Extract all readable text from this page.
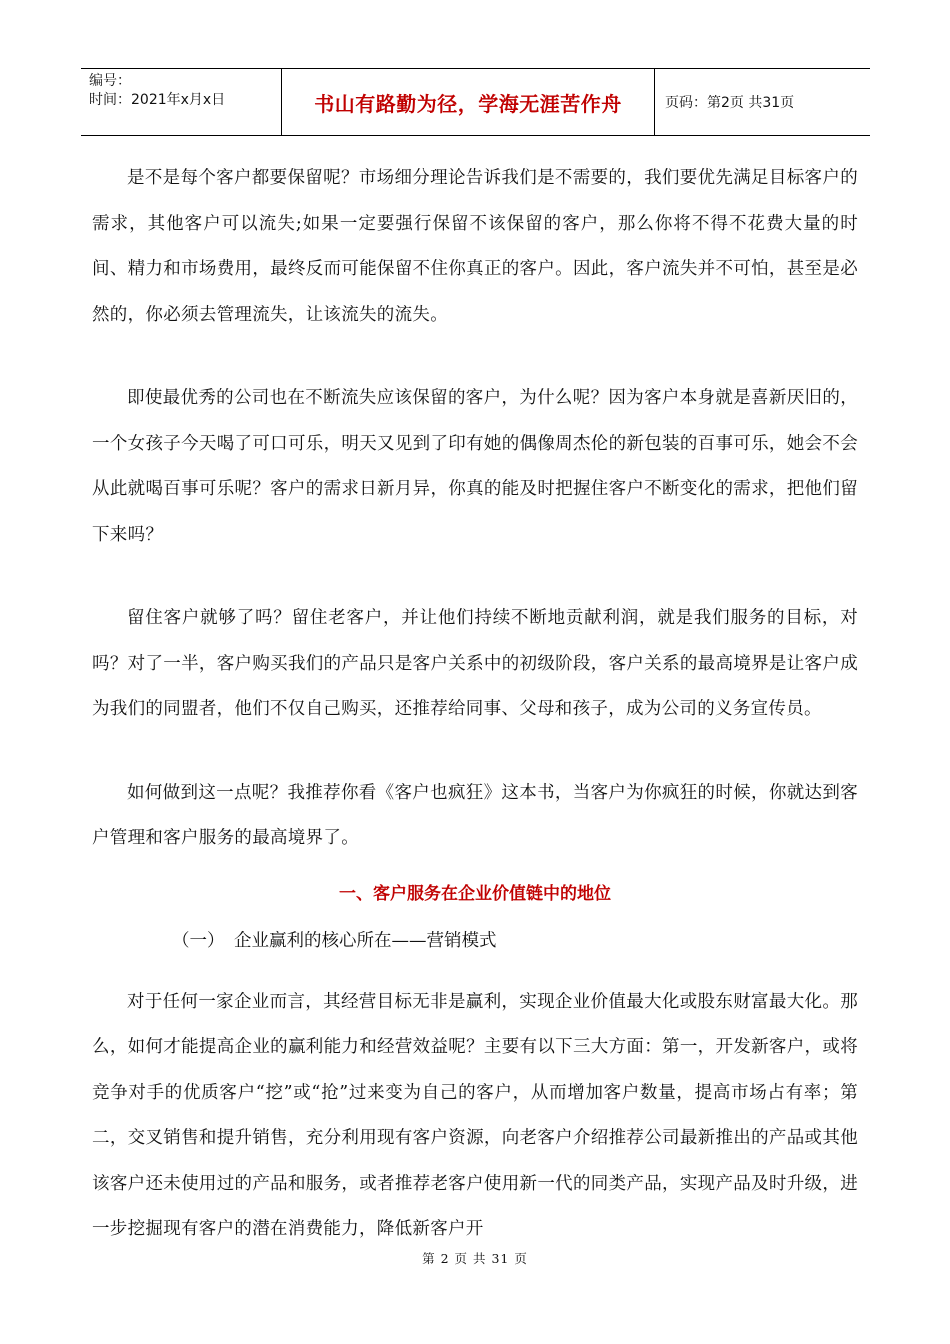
编号：
时间：2021年x月x日	书山有路勤为径，学海无涯苦作舟	页码：第2页 共31页

是不是每个客户都要保留呢？市场细分理论告诉我们是不需要的，我们要优先满足目标客户的需求，其他客户可以流失;如果一定要强行保留不该保留的客户，那么你将不得不花费大量的时间、精力和市场费用，最终反而可能保留不住你真正的客户。因此，客户流失并不可怕，甚至是必然的，你必须去管理流失，让该流失的流失。

即使最优秀的公司也在不断流失应该保留的客户，为什么呢？因为客户本身就是喜新厌旧的，一个女孩子今天喝了可口可乐，明天又见到了印有她的偶像周杰伦的新包装的百事可乐，她会不会从此就喝百事可乐呢？客户的需求日新月异，你真的能及时把握住客户不断变化的需求，把他们留下来吗？

留住客户就够了吗？留住老客户，并让他们持续不断地贡献利润，就是我们服务的目标，对吗？对了一半，客户购买我们的产品只是客户关系中的初级阶段，客户关系的最高境界是让客户成为我们的同盟者，他们不仅自己购买，还推荐给同事、父母和孩子，成为公司的义务宣传员。

如何做到这一点呢？我推荐你看《客户也疯狂》这本书，当客户为你疯狂的时候，你就达到客户管理和客户服务的最高境界了。

一、客户服务在企业价值链中的地位
（一） 企业赢利的核心所在——营销模式

对于任何一家企业而言，其经营目标无非是赢利，实现企业价值最大化或股东财富最大化。那么，如何才能提高企业的赢利能力和经营效益呢？主要有以下三大方面：第一，开发新客户，或将竞争对手的优质客户“挖”或“抢”过来变为自己的客户，从而增加客户数量，提高市场占有率；第二，交叉销售和提升销售，充分利用现有客户资源，向老客户介绍推荐公司最新推出的产品或其他该客户还未使用过的产品和服务，或者推荐老客户使用新一代的同类产品，实现产品及时升级，进一步挖掘现有客户的潜在消费能力，降低新客户开

第 2 页 共 31 页
